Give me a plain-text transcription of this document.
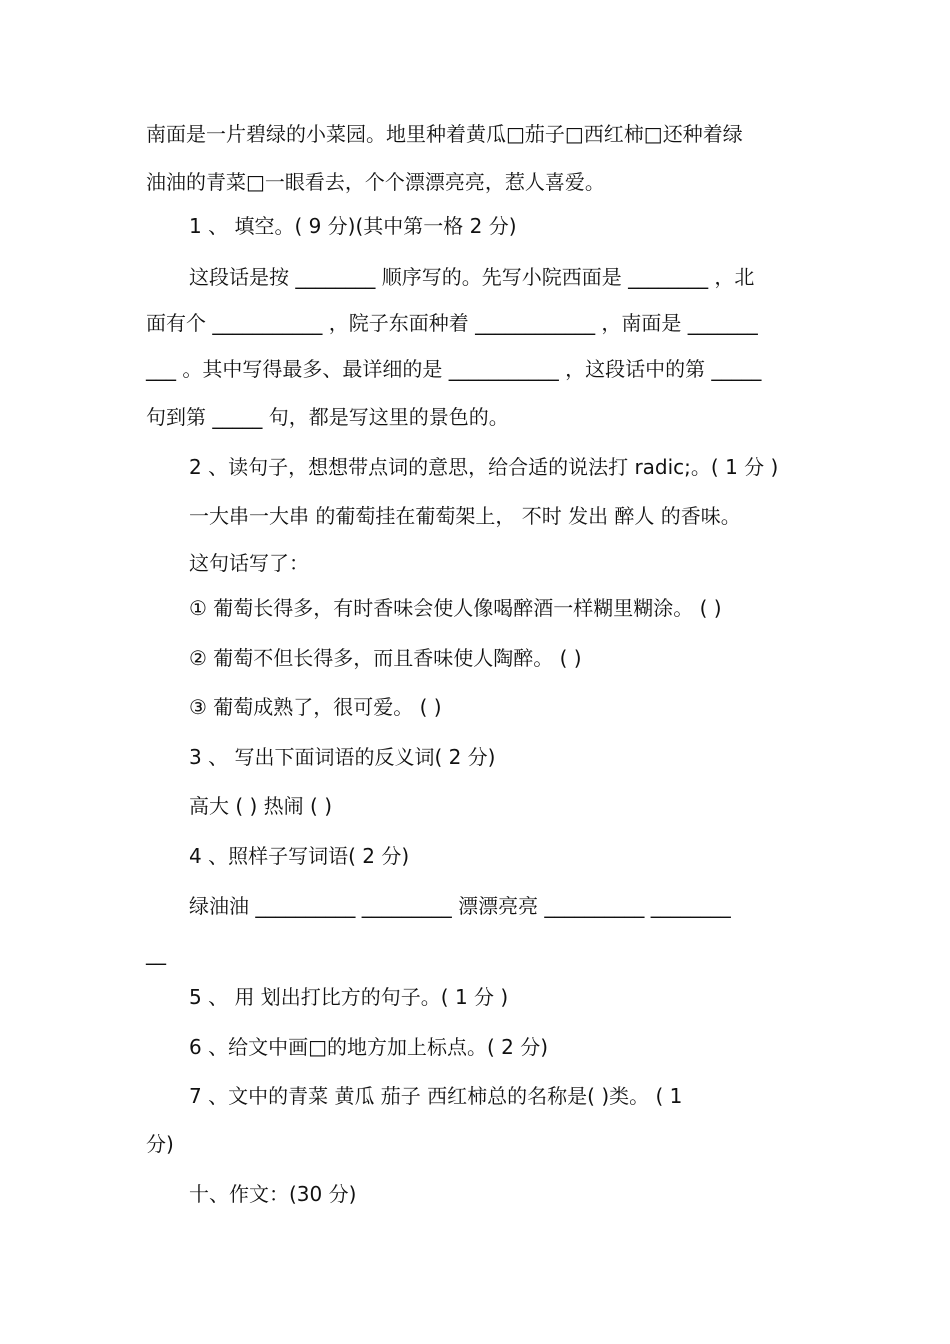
南面是一片碧绿的小菜园。地里种着黄瓜□茄子□西红柿□还种着绿
油油的青菜□一眼看去，个个漂漂亮亮，惹人喜爱。
1 、 填空。( 9 分)(其中第一格 2 分)
这段话是按 ________ 顺序写的。先写小院西面是 ________ ，北
面有个 ___________ ，院子东面种着 ____________ ，南面是 _______
___ 。其中写得最多、最详细的是 ___________ ，这段话中的第 _____
句到第 _____ 句，都是写这里的景色的。
2 、读句子，想想带点词的意思，给合适的说法打 radic;。( 1 分 )
一大串一大串 的葡萄挂在葡萄架上， 不时 发出 醉人 的香味。
这句话写了：
① 葡萄长得多，有时香味会使人像喝醉酒一样糊里糊涂。 ( )
② 葡萄不但长得多，而且香味使人陶醉。 ( )
③ 葡萄成熟了，很可爱。 ( )
3 、 写出下面词语的反义词( 2 分)
高大 ( ) 热闹 ( )
4 、照样子写词语( 2 分)
绿油油 __________ _________ 漂漂亮亮 __________ ________
__
5 、 用 划出打比方的句子。( 1 分 )
6 、给文中画□的地方加上标点。( 2 分)
7 、文中的青菜 黄瓜 茄子 西红柿总的名称是( )类。 ( 1
分)
十、作文：(30 分)
